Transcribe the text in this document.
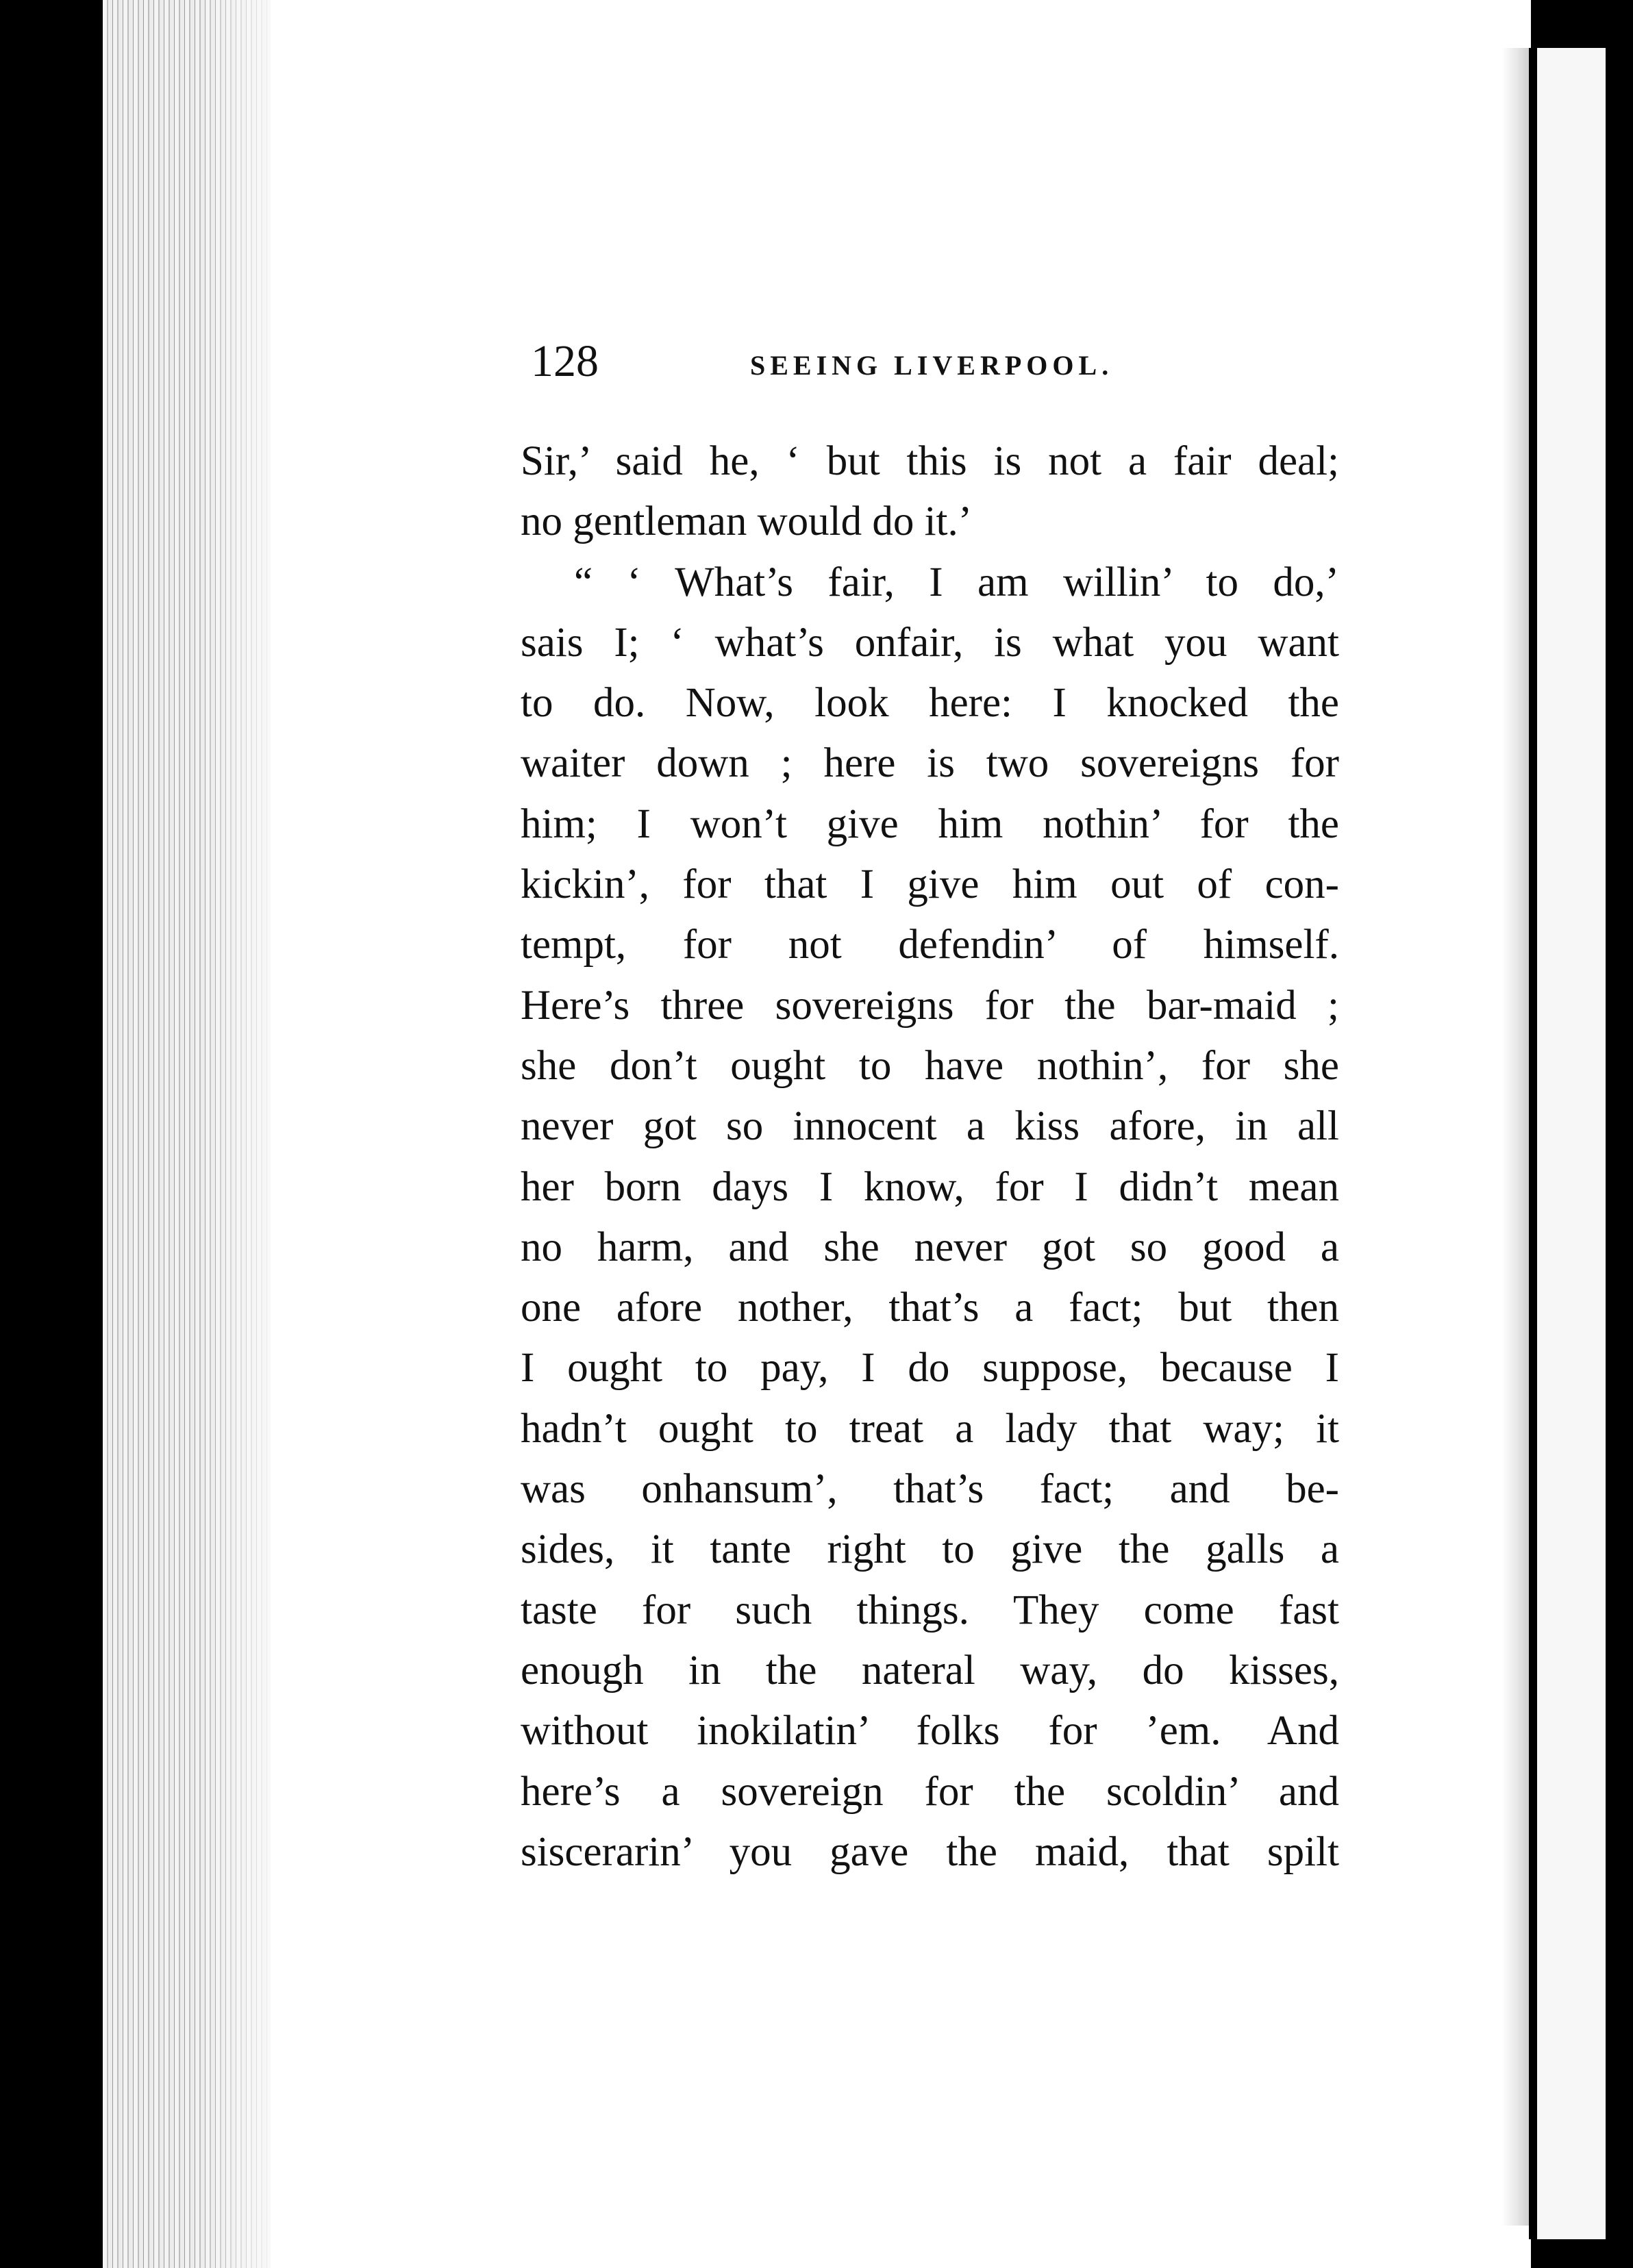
128	SEEING LIVERPOOL.
Sir,’ said he, ‘ but this is not a fair deal;
no gentleman would do it.’
“ ‘ What’s fair, I am willin’ to do,’
sais I; ‘ what’s onfair, is what you want
to do. Now, look here: I knocked the
waiter down ; here is two sovereigns for
him; I won’t give him nothin’ for the
kickin’, for that I give him out of con-
tempt, for not defendin’ of himself.
Here’s three sovereigns for the bar-maid ;
she don’t ought to have nothin’, for she
never got so innocent a kiss afore, in all
her born days I know, for I didn’t mean
no harm, and she never got so good a
one afore nother, that’s a fact; but then
I ought to pay, I do suppose, because I
hadn’t ought to treat a lady that way; it
was onhansum’, that’s fact; and be-
sides, it tante right to give the galls a
taste for such things. They come fast
enough in the nateral way, do kisses,
without inokilatin’ folks for ’em. And
here’s a sovereign for the scoldin’ and
siscerarin’ you gave the maid, that spilt
